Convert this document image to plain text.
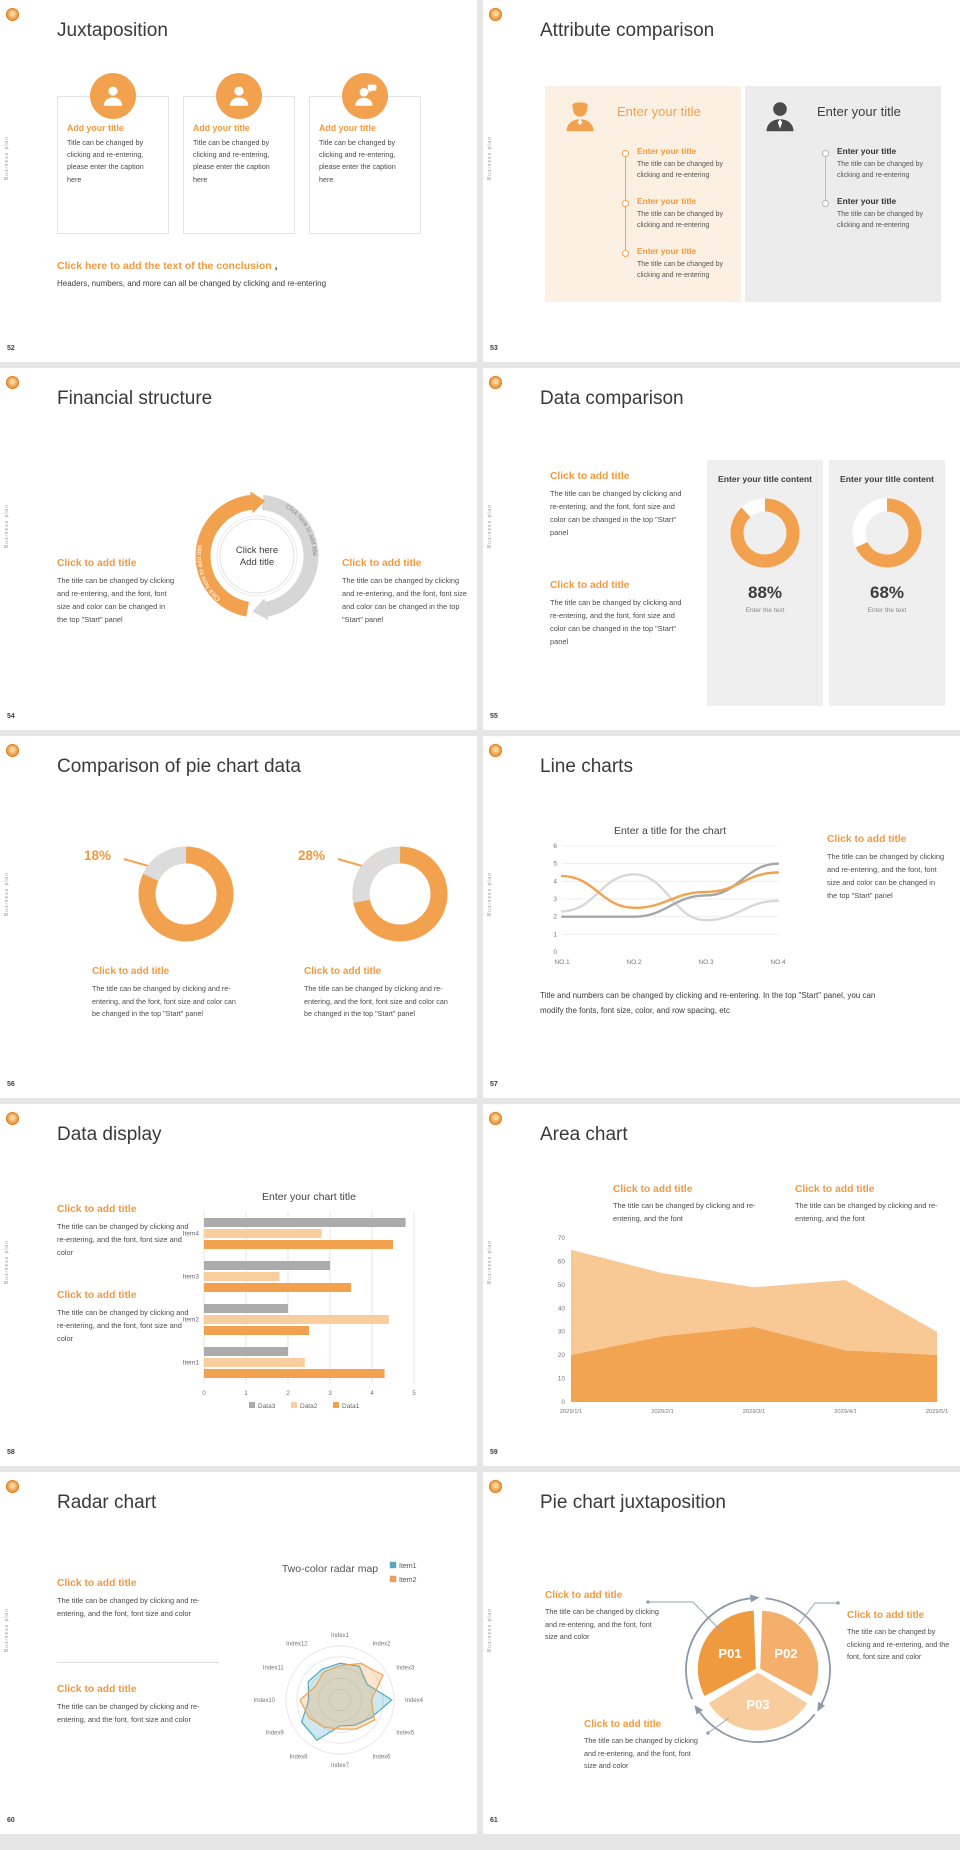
Business plan
Juxtaposition
Add your title

Title can be changed by clicking and re-entering, please enter the caption here

Add your title

Title can be changed by clicking and re-entering, please enter the caption here

Add your title

Title can be changed by clicking and re-entering, please enter the caption here

Click here to add the text of the conclusion ,

Headers, numbers, and more can all be changed by clicking and re-entering

52
Business plan
Attribute comparison
Enter your title
Enter your title

The title can be changed by clicking and re-entering

Enter your title

The title can be changed by clicking and re-entering

Enter your title

The title can be changed by clicking and re-entering

Enter your title
Enter your title

The title can be changed by clicking and re-entering

Enter your title

The title can be changed by clicking and re-entering

53
Business plan
Financial structure
Click to add title

The title can be changed by clicking and re-entering, and the font, font size and color can be changed in the top "Start" panel

Click to add title

The title can be changed by clicking and re-entering, and the font, font size and color can be changed in the top "Start" panel

Click here to add title
Click here to add title
Click here
Add title
54
Business plan
Data comparison
Click to add title

The title can be changed by clicking and re-entering, and the font, font size and color can be changed in the top "Start" panel

Click to add title

The title can be changed by clicking and re-entering, and the font, font size and color can be changed in the top "Start" panel

Enter your title content
88%
Enter the text
Enter your title content
68%
Enter the text
55
Business plan
Comparison of pie chart data
18%	28%
Click to add title

The title can be changed by clicking and re-entering, and the font, font size and color can be changed in the top "Start" panel

Click to add title

The title can be changed by clicking and re-entering, and the font, font size and color can be changed in the top "Start" panel

56
Business plan
Line charts
Enter a title for the chart
0
1
2
3
4
5
6
NO.1	NO.2	NO.3	NO.4
Click to add title

The title can be changed by clicking and re-entering, and the font, font size and color can be changed in the top "Start" panel

Title and numbers can be changed by clicking and re-entering. In the top "Start" panel, you can modify the fonts, font size, color, and row spacing, etc

57
Business plan
Data display
Click to add title

The title can be changed by clicking and re-entering, and the font, font size and color

Click to add title

The title can be changed by clicking and re-entering, and the font, font size and color

Enter your chart title
0	1	2	3	4	5
Item4
Item3
Item2
Item1
Data3	Data2	Data1
58
Business plan
Area chart
Click to add title

The title can be changed by clicking and re-entering, and the font

Click to add title

The title can be changed by clicking and re-entering, and the font

0
10
20
30
40
50
60
70
2029/1/1	2029/2/1	2029/3/1	2029/4/1	2029/5/1
59
Business plan
Radar chart
Click to add title

The title can be changed by clicking and re-entering, and the font, font size and color

Click to add title

The title can be changed by clicking and re-entering, and the font, font size and color

Two-color radar map	Item1
Item2
Index1
Index2
Index3
Index4
Index5
Index6
Index7
Index8
Index9
Index10
Index11
Index12
60
Business plan
Pie chart juxtaposition
P01	P02
P03
Click to add title

The title can be changed by clicking and re-entering, and the font, font size and color

Click to add title

The title can be changed by clicking and re-entering, and the font, font size and color

Click to add title

The title can be changed by clicking and re-entering, and the font, font size and color

61
